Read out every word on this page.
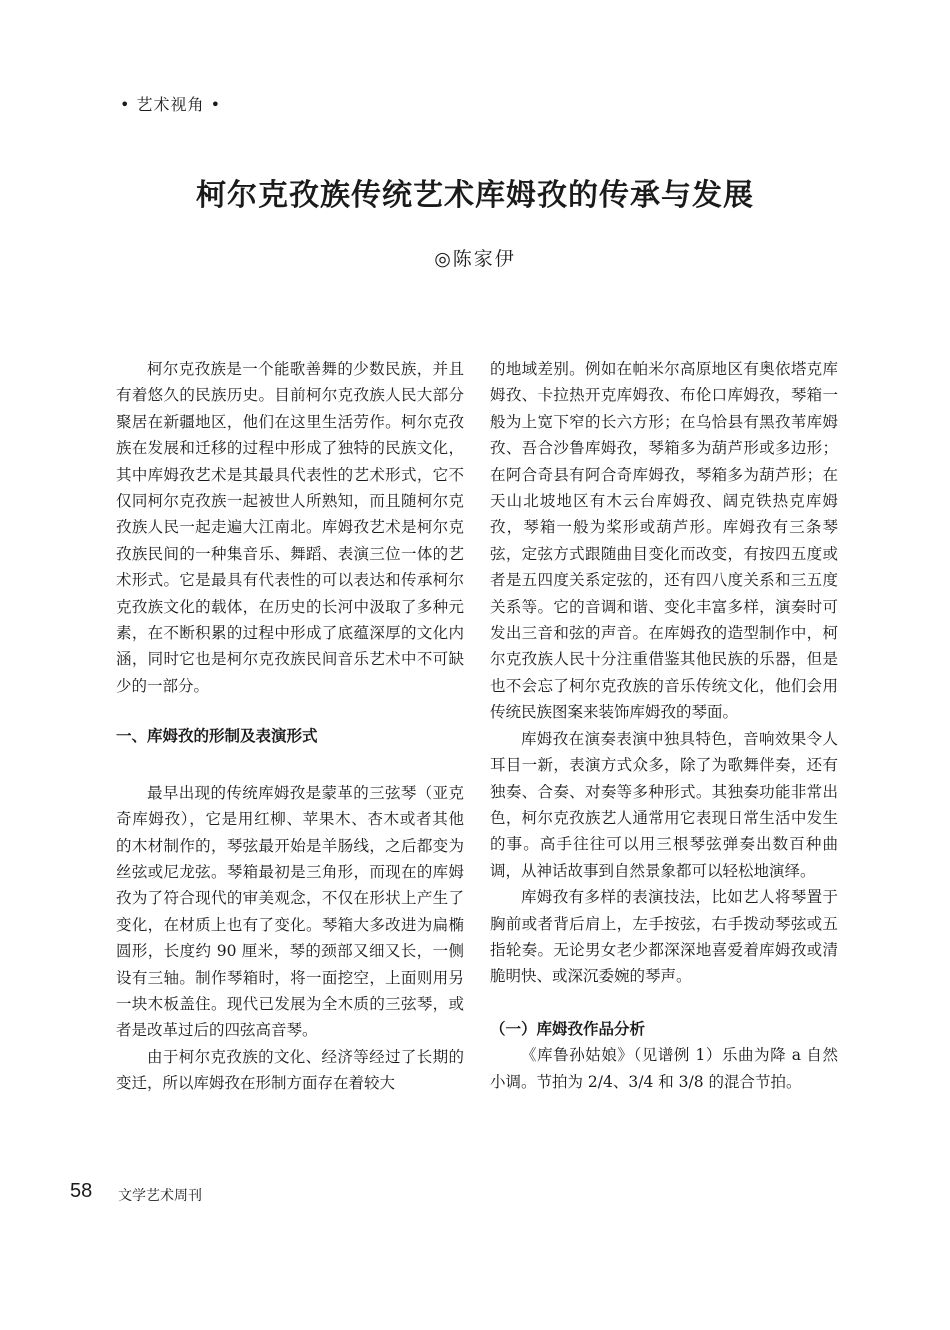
• 艺术视角 •
柯尔克孜族传统艺术库姆孜的传承与发展
◎陈家伊

柯尔克孜族是一个能歌善舞的少数民族，并且有着悠久的民族历史。目前柯尔克孜族人民大部分聚居在新疆地区，他们在这里生活劳作。柯尔克孜族在发展和迁移的过程中形成了独特的民族文化，其中库姆孜艺术是其最具代表性的艺术形式，它不仅同柯尔克孜族一起被世人所熟知，而且随柯尔克孜族人民一起走遍大江南北。库姆孜艺术是柯尔克孜族民间的一种集音乐、舞蹈、表演三位一体的艺术形式。它是最具有代表性的可以表达和传承柯尔克孜族文化的载体，在历史的长河中汲取了多种元素，在不断积累的过程中形成了底蕴深厚的文化内涵，同时它也是柯尔克孜族民间音乐艺术中不可缺少的一部分。

一、库姆孜的形制及表演形式

最早出现的传统库姆孜是蒙革的三弦琴（亚克奇库姆孜），它是用红柳、苹果木、杏木或者其他的木材制作的，琴弦最开始是羊肠线，之后都变为丝弦或尼龙弦。琴箱最初是三角形，而现在的库姆孜为了符合现代的审美观念，不仅在形状上产生了变化，在材质上也有了变化。琴箱大多改进为扁椭圆形，长度约 90 厘米，琴的颈部又细又长，一侧设有三轴。制作琴箱时，将一面挖空，上面则用另一块木板盖住。现代已发展为全木质的三弦琴，或者是改革过后的四弦高音琴。

由于柯尔克孜族的文化、经济等经过了长期的变迁，所以库姆孜在形制方面存在着较大

的地域差别。例如在帕米尔高原地区有奥依塔克库姆孜、卡拉热开克库姆孜、布伦口库姆孜，琴箱一般为上宽下窄的长六方形；在乌恰县有黑孜苇库姆孜、吾合沙鲁库姆孜，琴箱多为葫芦形或多边形；在阿合奇县有阿合奇库姆孜，琴箱多为葫芦形；在天山北坡地区有木云台库姆孜、阔克铁热克库姆孜，琴箱一般为桨形或葫芦形。库姆孜有三条琴弦，定弦方式跟随曲目变化而改变，有按四五度或者是五四度关系定弦的，还有四八度关系和三五度关系等。它的音调和谐、变化丰富多样，演奏时可发出三音和弦的声音。在库姆孜的造型制作中，柯尔克孜族人民十分注重借鉴其他民族的乐器，但是也不会忘了柯尔克孜族的音乐传统文化，他们会用传统民族图案来装饰库姆孜的琴面。

库姆孜在演奏表演中独具特色，音响效果令人耳目一新，表演方式众多，除了为歌舞伴奏，还有独奏、合奏、对奏等多种形式。其独奏功能非常出色，柯尔克孜族艺人通常用它表现日常生活中发生的事。高手往往可以用三根琴弦弹奏出数百种曲调，从神话故事到自然景象都可以轻松地演绎。

库姆孜有多样的表演技法，比如艺人将琴置于胸前或者背后肩上，左手按弦，右手拨动琴弦或五指轮奏。无论男女老少都深深地喜爱着库姆孜或清脆明快、或深沉委婉的琴声。

（一）库姆孜作品分析

《库鲁孙姑娘》（见谱例 1）乐曲为降 a 自然小调。节拍为 2/4、3/4 和 3/8 的混合节拍。

58 文学艺术周刊
